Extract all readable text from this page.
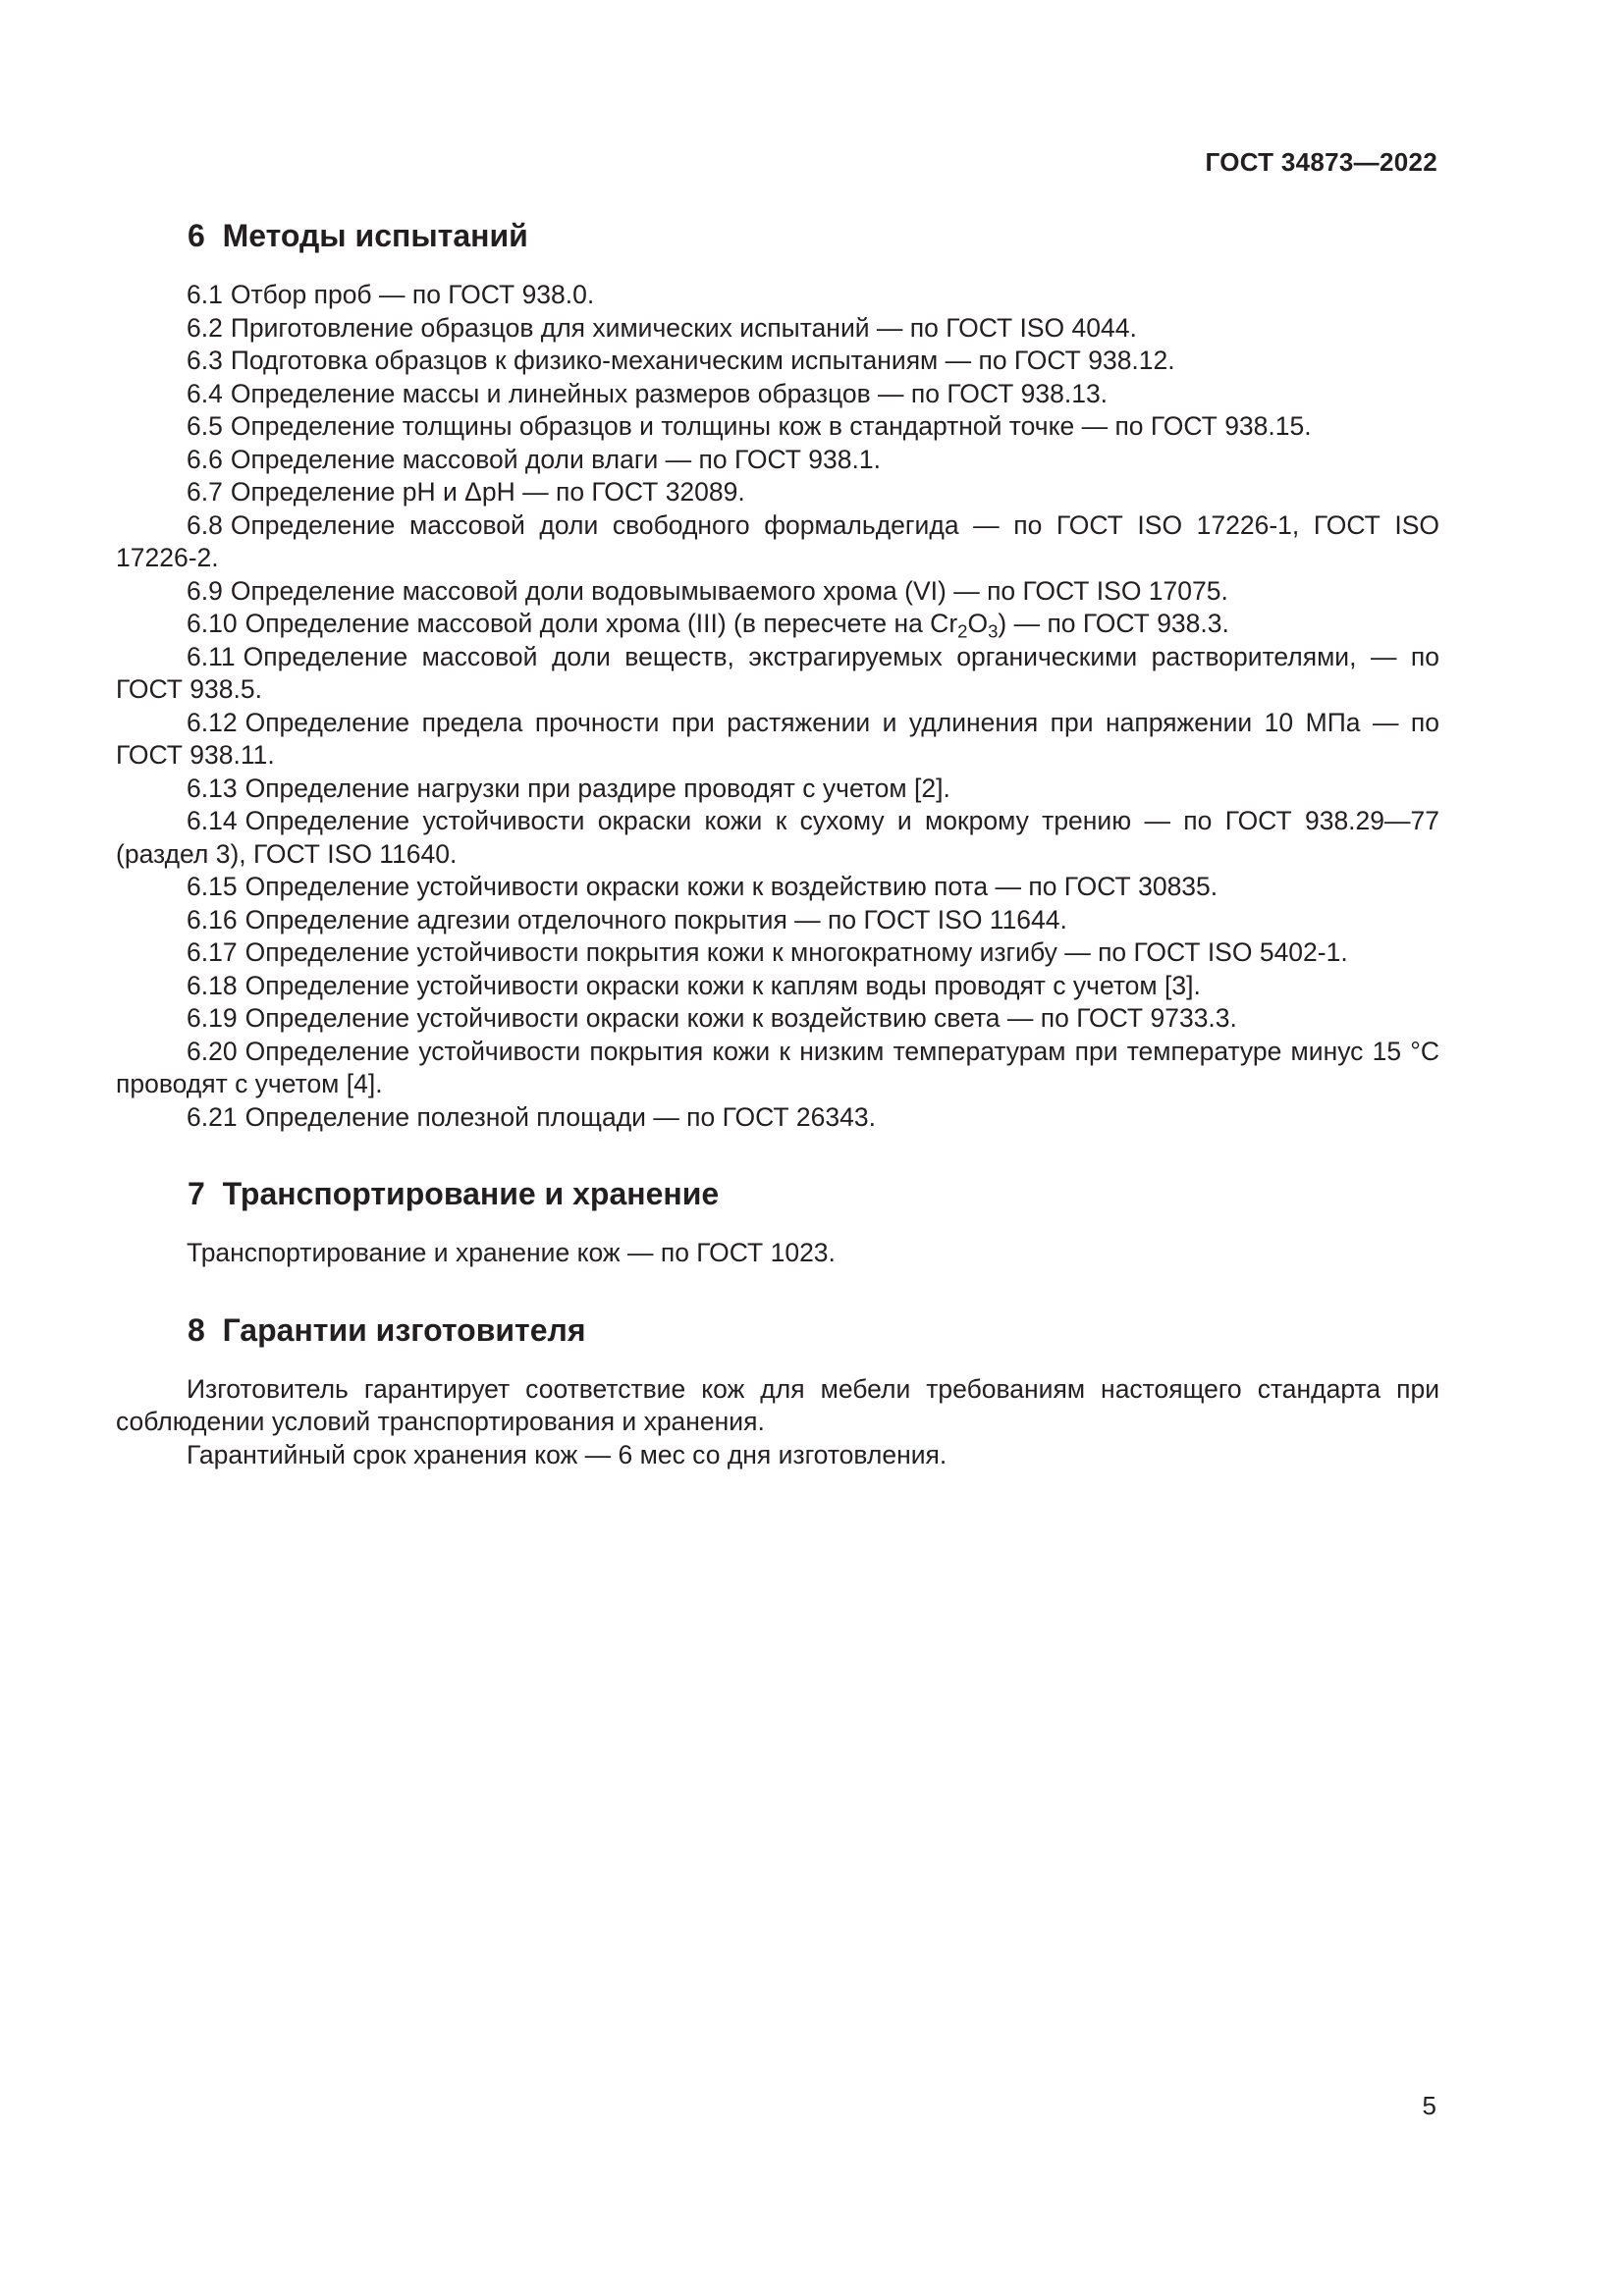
ГОСТ 34873—2022
6 Методы испытаний

6.1 Отбор проб — по ГОСТ 938.0.

6.2 Приготовление образцов для химических испытаний — по ГОСТ ISO 4044.

6.3 Подготовка образцов к физико-механическим испытаниям — по ГОСТ 938.12.

6.4 Определение массы и линейных размеров образцов — по ГОСТ 938.13.

6.5 Определение толщины образцов и толщины кож в стандартной точке — по ГОСТ 938.15.

6.6 Определение массовой доли влаги — по ГОСТ 938.1.

6.7 Определение pH и ΔpH — по ГОСТ 32089.

6.8 Определение массовой доли свободного формальдегида — по ГОСТ ISO 17226-1, ГОСТ ISO 17226-2.

6.9 Определение массовой доли водовымываемого хрома (VI) — по ГОСТ ISO 17075.

6.10 Определение массовой доли хрома (III) (в пересчете на $Cr_2O_3$) — по ГОСТ 938.3.

6.11 Определение массовой доли веществ, экстрагируемых органическими растворителями, — по ГОСТ 938.5.

6.12 Определение предела прочности при растяжении и удлинения при напряжении 10 МПа — по ГОСТ 938.11.

6.13 Определение нагрузки при раздире проводят с учетом [2].

6.14 Определение устойчивости окраски кожи к сухому и мокрому трению — по ГОСТ 938.29—77 (раздел 3), ГОСТ ISO 11640.

6.15 Определение устойчивости окраски кожи к воздействию пота — по ГОСТ 30835.

6.16 Определение адгезии отделочного покрытия — по ГОСТ ISO 11644.

6.17 Определение устойчивости покрытия кожи к многократному изгибу — по ГОСТ ISO 5402-1.

6.18 Определение устойчивости окраски кожи к каплям воды проводят с учетом [3].

6.19 Определение устойчивости окраски кожи к воздействию света — по ГОСТ 9733.3.

6.20 Определение устойчивости покрытия кожи к низким температурам при температуре минус 15 °С проводят с учетом [4].

6.21 Определение полезной площади — по ГОСТ 26343.

7 Транспортирование и хранение

Транспортирование и хранение кож — по ГОСТ 1023.

8 Гарантии изготовителя

Изготовитель гарантирует соответствие кож для мебели требованиям настоящего стандарта при соблюдении условий транспортирования и хранения.

Гарантийный срок хранения кож — 6 мес со дня изготовления.

5
